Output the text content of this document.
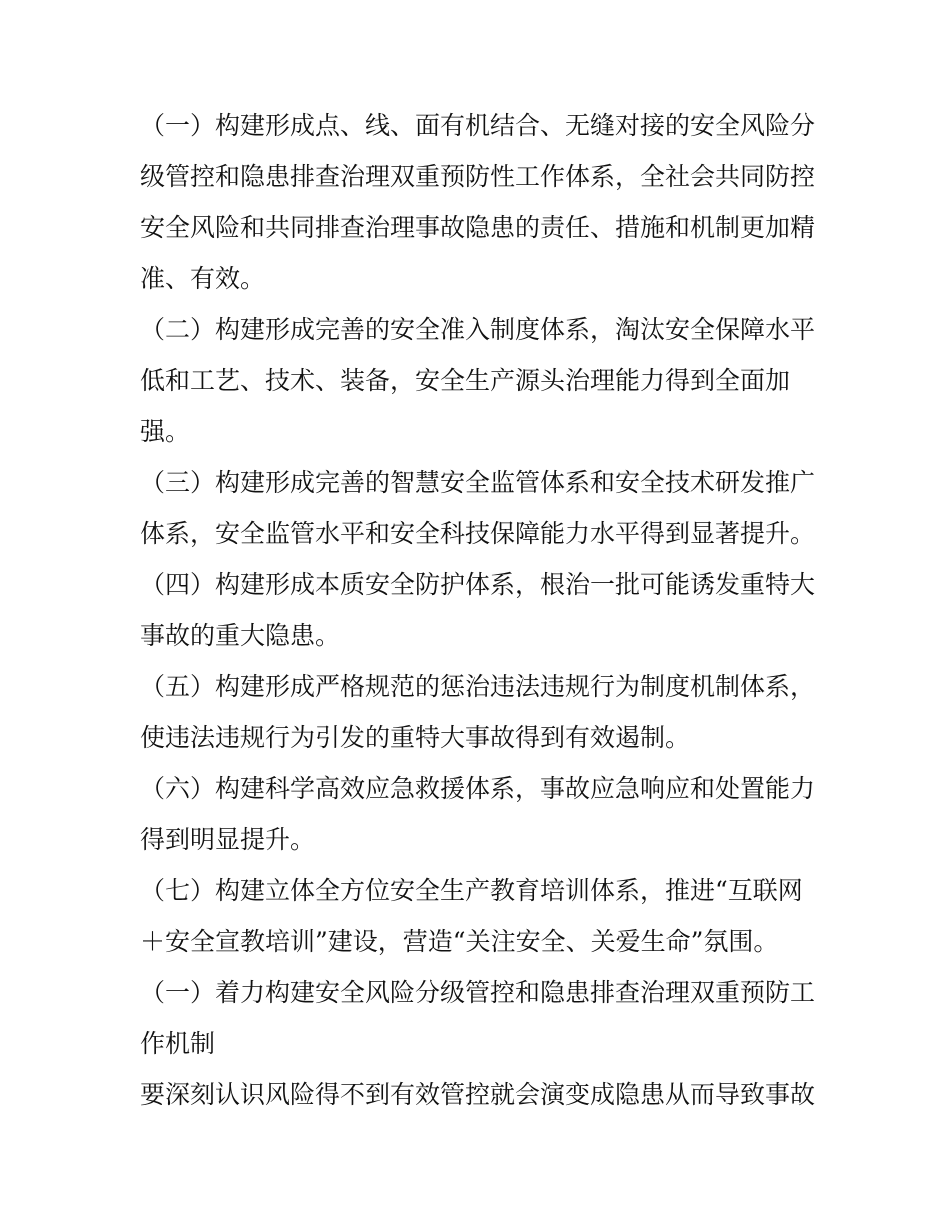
（一）构建形成点、线、面有机结合、无缝对接的安全风险分
级管控和隐患排查治理双重预防性工作体系，全社会共同防控
安全风险和共同排查治理事故隐患的责任、措施和机制更加精
准、有效。
（二）构建形成完善的安全准入制度体系，淘汰安全保障水平
低和工艺、技术、装备，安全生产源头治理能力得到全面加
强。
（三）构建形成完善的智慧安全监管体系和安全技术研发推广
体系，安全监管水平和安全科技保障能力水平得到显著提升。
（四）构建形成本质安全防护体系，根治一批可能诱发重特大
事故的重大隐患。
（五）构建形成严格规范的惩治违法违规行为制度机制体系，
使违法违规行为引发的重特大事故得到有效遏制。
（六）构建科学高效应急救援体系，事故应急响应和处置能力
得到明显提升。
（七）构建立体全方位安全生产教育培训体系，推进“互联网
＋安全宣教培训”建设，营造“关注安全、关爱生命”氛围。
（一）着力构建安全风险分级管控和隐患排查治理双重预防工
作机制
要深刻认识风险得不到有效管控就会演变成隐患从而导致事故
